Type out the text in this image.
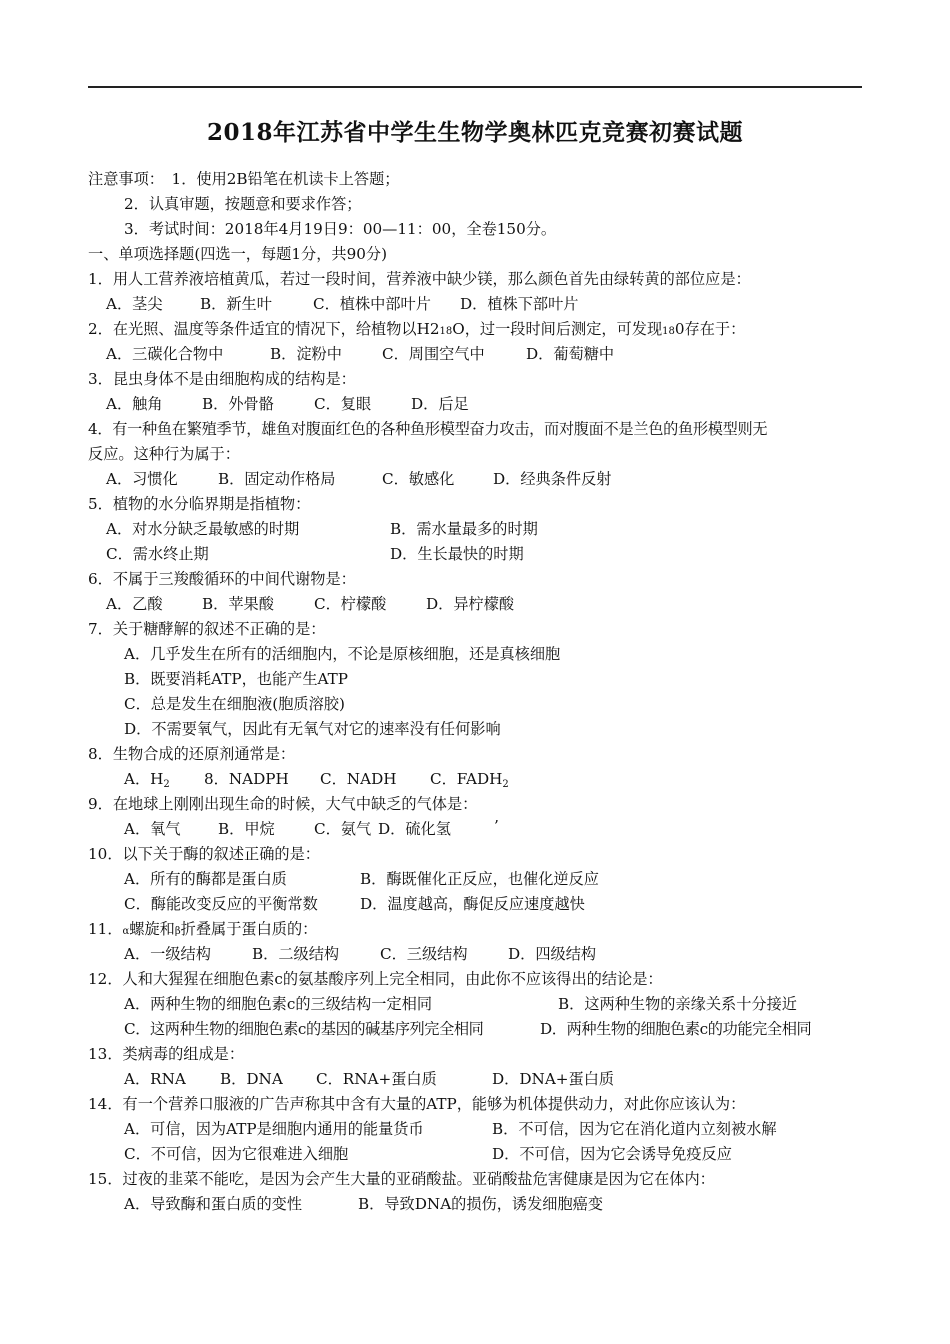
2018年江苏省中学生生物学奥林匹克竞赛初赛试题
注意事项：　1．使用2B铅笔在机读卡上答题；
2．认真审题，按题意和要求作答；
3．考试时间：2018年4月19日9：00—11：00，全卷150分。
一、单项选择题(四选一，每题1分，共90分)
1．用人工营养液培植黄瓜，若过一段时间，营养液中缺少镁，那么颜色首先由绿转黄的部位应是：
A．茎尖 B．新生叶	C．植株中部叶片 D．植株下部叶片
2．在光照、温度等条件适宜的情况下，给植物以H218O，过一段时间后测定，可发现180存在于：
A．三碳化合物中	B．淀粉中	C．周围空气中	D．葡萄糖中
3．昆虫身体不是由细胞构成的结构是：
A．触角	B．外骨骼	C．复眼	D．后足
4．有一种鱼在繁殖季节，雄鱼对腹面红色的各种鱼形模型奋力攻击，而对腹面不是兰色的鱼形模型则无
反应。这种行为属于：
A．习惯化	B．固定动作格局	C．敏感化	D．经典条件反射
5．植物的水分临界期是指植物：
A．对水分缺乏最敏感的时期	B．需水量最多的时期
C．需水终止期	D．生长最快的时期
6．不属于三羧酸循环的中间代谢物是：
A．乙酸	B．苹果酸	C．柠檬酸	D．异柠檬酸
7．关于糖酵解的叙述不正确的是：
A．几乎发生在所有的活细胞内，不论是原核细胞，还是真核细胞
B．既要消耗ATP，也能产生ATP
C．总是发生在细胞液(胞质溶胶)
D．不需要氧气，因此有无氧气对它的速率没有任何影响
8．生物合成的还原剂通常是：
A．$H_2$ 8．NADPH C．NADH C．$FADH_2$
9．在地球上刚刚出现生命的时候，大气中缺乏的气体是：
A．氧气 B．甲烷	C．氨气 D．硫化氢	’
10．以下关于酶的叙述正确的是：
A．所有的酶都是蛋白质	B．酶既催化正反应，也催化逆反应
C．酶能改变反应的平衡常数	D．温度越高，酶促反应速度越快
11．α螺旋和β折叠属于蛋白质的：
A．一级结构	B．二级结构	C．三级结构	D．四级结构
12．人和大猩猩在细胞色素c的氨基酸序列上完全相同，由此你不应该得出的结论是：
A．两种生物的细胞色素c的三级结构一定相同	B．这两种生物的亲缘关系十分接近
C．这两种生物的细胞色素c的基因的碱基序列完全相同	D．两种生物的细胞色素c的功能完全相同
13．类病毒的组成是：
A．RNA B．DNA C．RNA+蛋白质	D．DNA+蛋白质
14．有一个营养口服液的广告声称其中含有大量的ATP，能够为机体提供动力，对此你应该认为：
A．可信，因为ATP是细胞内通用的能量货币	B．不可信，因为它在消化道内立刻被水解
C．不可信，因为它很难进入细胞	D．不可信，因为它会诱导免疫反应
15．过夜的韭菜不能吃，是因为会产生大量的亚硝酸盐。亚硝酸盐危害健康是因为它在体内：
A．导致酶和蛋白质的变性	B．导致DNA的损伤，诱发细胞癌变
